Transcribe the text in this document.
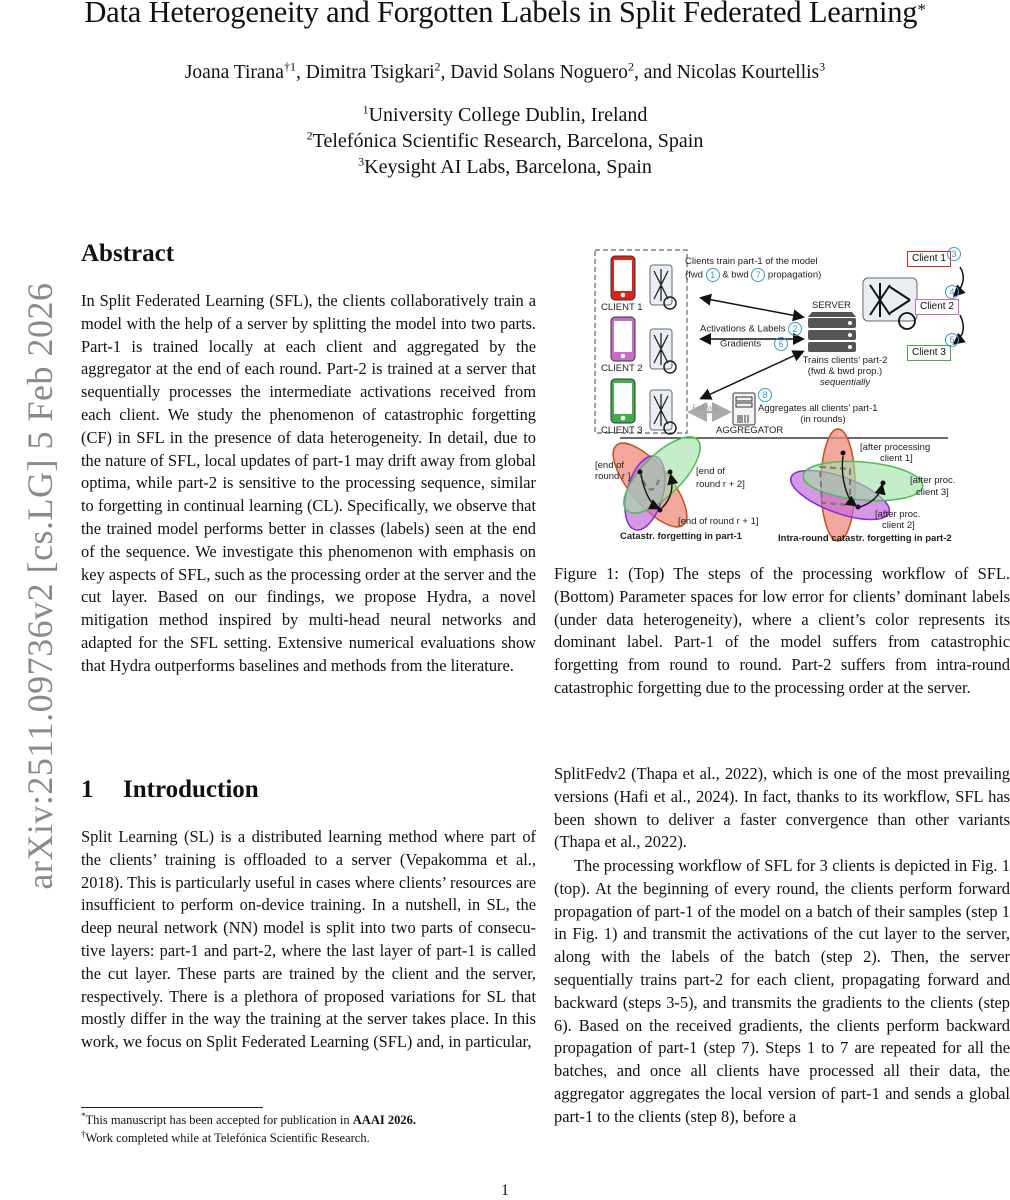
Data Heterogeneity and Forgotten Labels in Split Federated Learning*
Joana Tirana$^{\dagger 1}$, Dimitra Tsigkari$^2$, David Solans Noguero$^2$, and Nicolas Kourtellis$^3$
$^1$University College Dublin, Ireland
$^2$Telefónica Scientific Research, Barcelona, Spain
$^3$Keysight AI Labs, Barcelona, Spain
arXiv:2511.09736v2 [cs.LG] 5 Feb 2026
Abstract
In Split Federated Learning (SFL), the clients collaboratively train a model with the help of a server by splitting the model into two parts. Part-1 is trained locally at each client and aggregated by the aggregator at the end of each round. Part-2 is trained at a server that sequentially processes the intermediate activations received from each client. We study the phenomenon of catastrophic forgetting (CF) in SFL in the presence of data heterogeneity. In detail, due to the nature of SFL, local updates of part-1 may drift away from global optima, while part-2 is sensitive to the processing sequence, similar to forgetting in continual learning (CL). Specifically, we observe that the trained model performs better in classes (labels) seen at the end of the sequence. We investigate this phenomenon with emphasis on key aspects of SFL, such as the processing order at the server and the cut layer. Based on our findings, we propose Hydra, a novel mitigation method inspired by multi-head neural networks and adapted for the SFL setting. Extensive numerical evaluations show that Hydra outperforms baselines and methods from the literature.
1 Introduction
Split Learning (SL) is a distributed learning method where part of the clients’ training is offloaded to a server (Vepakomma et al., 2018). This is particularly useful in cases where clients’ resources are insufficient to perform on-device training. In a nutshell, in SL, the deep neural network (NN) model is split into two parts of consecutive layers: part-1 and part-2, where the last layer of part-1 is called the cut layer. These parts are trained by the client and the server, respectively. There is a plethora of proposed variations for SL that mostly differ in the way the training at the server takes place. In this work, we focus on Split Federated Learning (SFL) and, in particular,
SplitFedv2 (Thapa et al., 2022), which is one of the most prevailing versions (Hafi et al., 2024). In fact, thanks to its workflow, SFL has been shown to deliver a faster convergence than other variants (Thapa et al., 2022).
The processing workflow of SFL for 3 clients is depicted in Fig. 1 (top). At the beginning of every round, the clients perform forward propagation of part-1 of the model on a batch of their samples (step 1 in Fig. 1) and transmit the activations of the cut layer to the server, along with the labels of the batch (step 2). Then, the server sequentially trains part-2 for each client, propagating forward and backward (steps 3-5), and transmits the gradients to the clients (step 6). Based on the received gradients, the clients perform backward propagation of part-1 (step 7). Steps 1 to 7 are repeated for all the batches, and once all clients have processed all their data, the aggregator aggregates the local version of part-1 and sends a global part-1 to the clients (step 8), before a
CLIENT 1
CLIENT 2
CLIENT 3
Clients train part-1 of the model
(fwd 1 & bwd 7 propagation)
Activations & Labels 2
Gradients 6
SERVER
Trains clients’ part-2
(fwd & bwd prop.)
sequentially
FedAvg
AGGREGATOR
8
Aggregates all clients’ part-1
(in rounds)
Client 1 3
Client 2
4
Client 3
5
[end of
round r ]	[end of
round r + 2]
[end of round r + 1]
Catastr. forgetting in part-1
[after processing
client 1]
[after proc.
client 3]
[after proc.
client 2]
Intra-round catastr. forgetting in part-2
Figure 1: (Top) The steps of the processing workflow of SFL. (Bottom) Parameter spaces for low error for clients’ dominant labels (under data heterogeneity), where a client’s color represents its dominant label. Part-1 of the model suffers from catastrophic forgetting from round to round. Part-2 suffers from intra-round catastrophic forgetting due to the processing order at the server.
*This manuscript has been accepted for publication in AAAI 2026.
†Work completed while at Telefónica Scientific Research.
1
